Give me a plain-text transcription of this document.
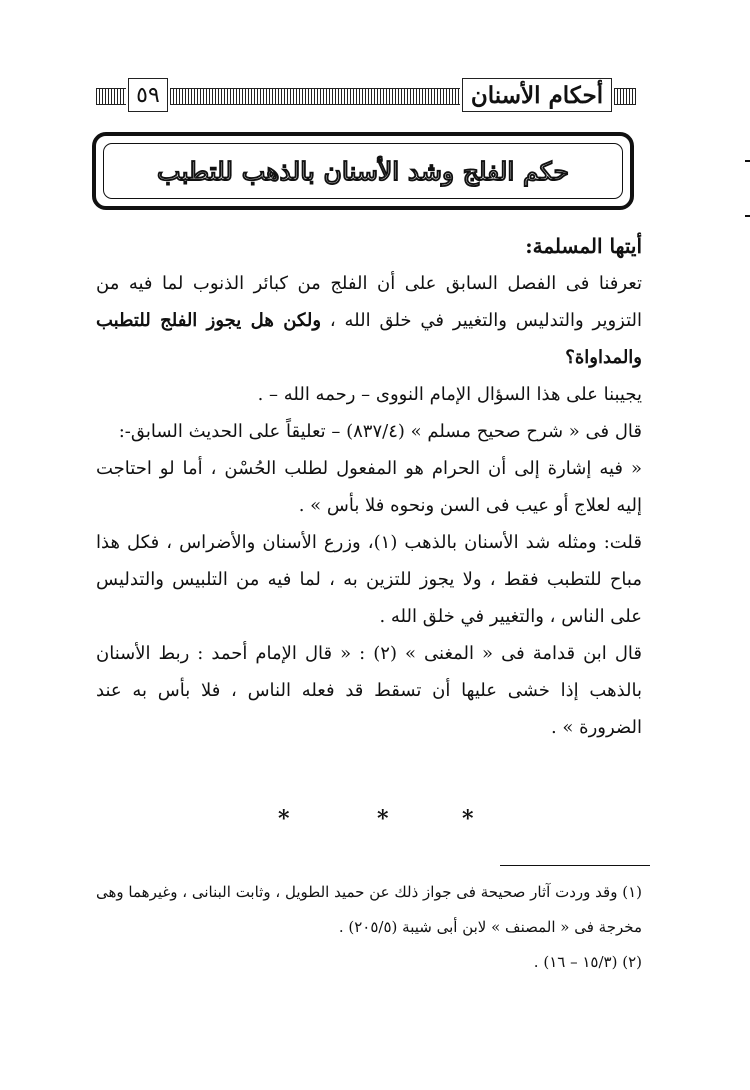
٥٩	أحكام الأسنان
حكم الفلج وشد الأسنان بالذهب للتطبب

أيتها المسلمة:

تعرفنا فى الفصل السابق على أن الفلج من كبائر الذنوب لما فيه من التزوير والتدليس والتغيير في خلق الله ، ولكن هل يجوز الفلج للتطبب والمداواة؟

يجيبنا على هذا السؤال الإمام النووى – رحمه الله – .

قال فى « شرح صحيح مسلم » (٨٣٧/٤) – تعليقاً على الحديث السابق-:

« فيه إشارة إلى أن الحرام هو المفعول لطلب الحُسْن ، أما لو احتاجت إليه لعلاج أو عيب فى السن ونحوه فلا بأس » .

قلت: ومثله شد الأسنان بالذهب (١)، وزرع الأسنان والأضراس ، فكل هذا مباح للتطبب فقط ، ولا يجوز للتزين به ، لما فيه من التلبيس والتدليس على الناس ، والتغيير في خلق الله .

قال ابن قدامة فى « المغنى » (٢) : « قال الإمام أحمد : ربط الأسنان بالذهب إذا خشى عليها أن تسقط قد فعله الناس ، فلا بأس به عند الضرورة » .

*	*	*

(١) وقد وردت آثار صحيحة فى جواز ذلك عن حميد الطويل ، وثابت البنانى ، وغيرهما وهى مخرجة فى « المصنف » لابن أبى شيبة (٢٠٥/٥) .

(٢) (١٥/٣ – ١٦) .
